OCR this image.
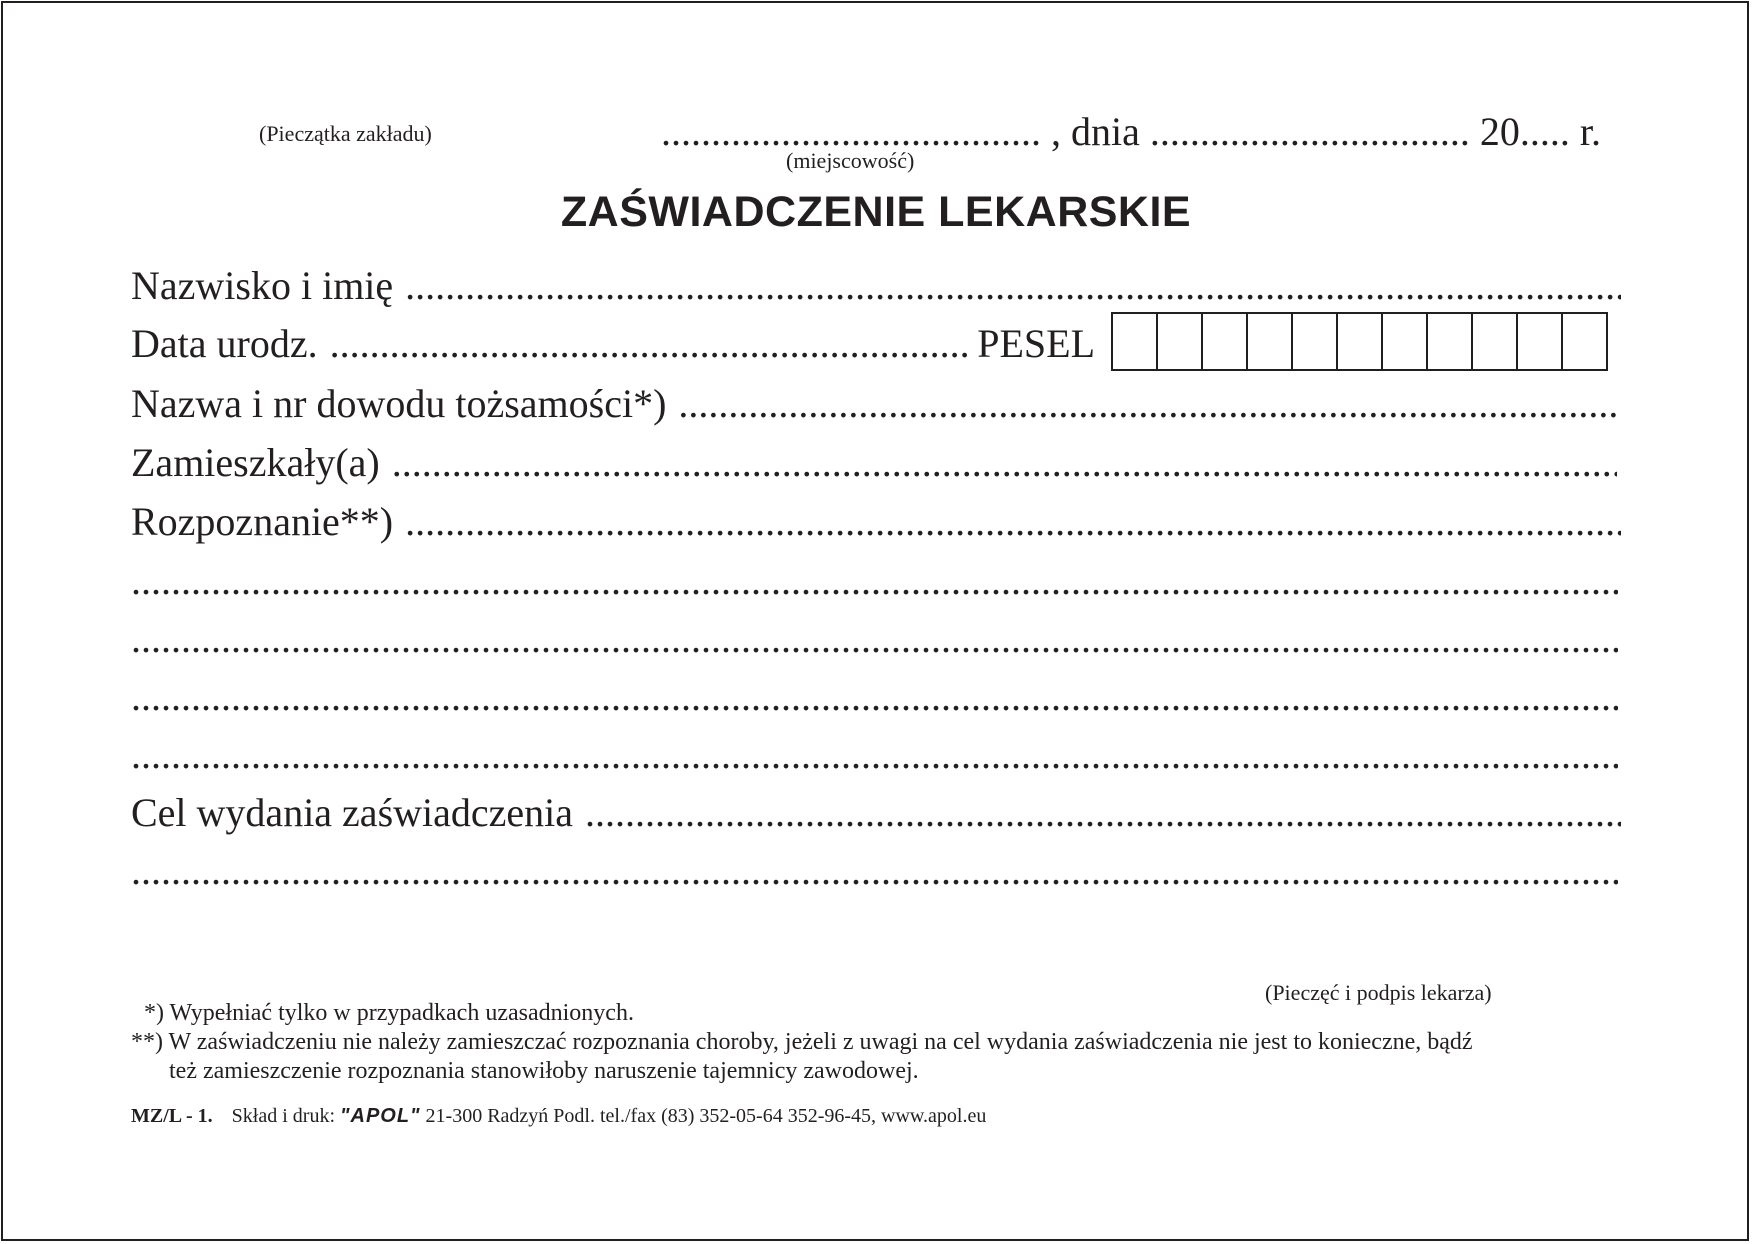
(Pieczątka zakładu)	...................................... , dnia ................................ 20..... r.
(miejscowość)
ZAŚWIADCZENIE LEKARSKIE
Nazwisko i imię
.....
Data urodz.
.....	PESEL
Nazwa i nr dowodu tożsamości*)
.....
Zamieszkały(a)
.....
Rozpoznanie**)
.....
.....
.....
.....
.....
Cel wydania zaświadczenia
.....
.....
(Pieczęć i podpis lekarza)
*) Wypełniać tylko w przypadkach uzasadnionych.
**) W zaświadczeniu nie należy zamieszczać rozpoznania choroby, jeżeli z uwagi na cel wydania zaświadczenia nie jest to konieczne, bądź
też zamieszczenie rozpoznania stanowiłoby naruszenie tajemnicy zawodowej.
MZ/L - 1. Skład i druk: "APOL" 21-300 Radzyń Podl. tel./fax (83) 352-05-64 352-96-45, www.apol.eu
